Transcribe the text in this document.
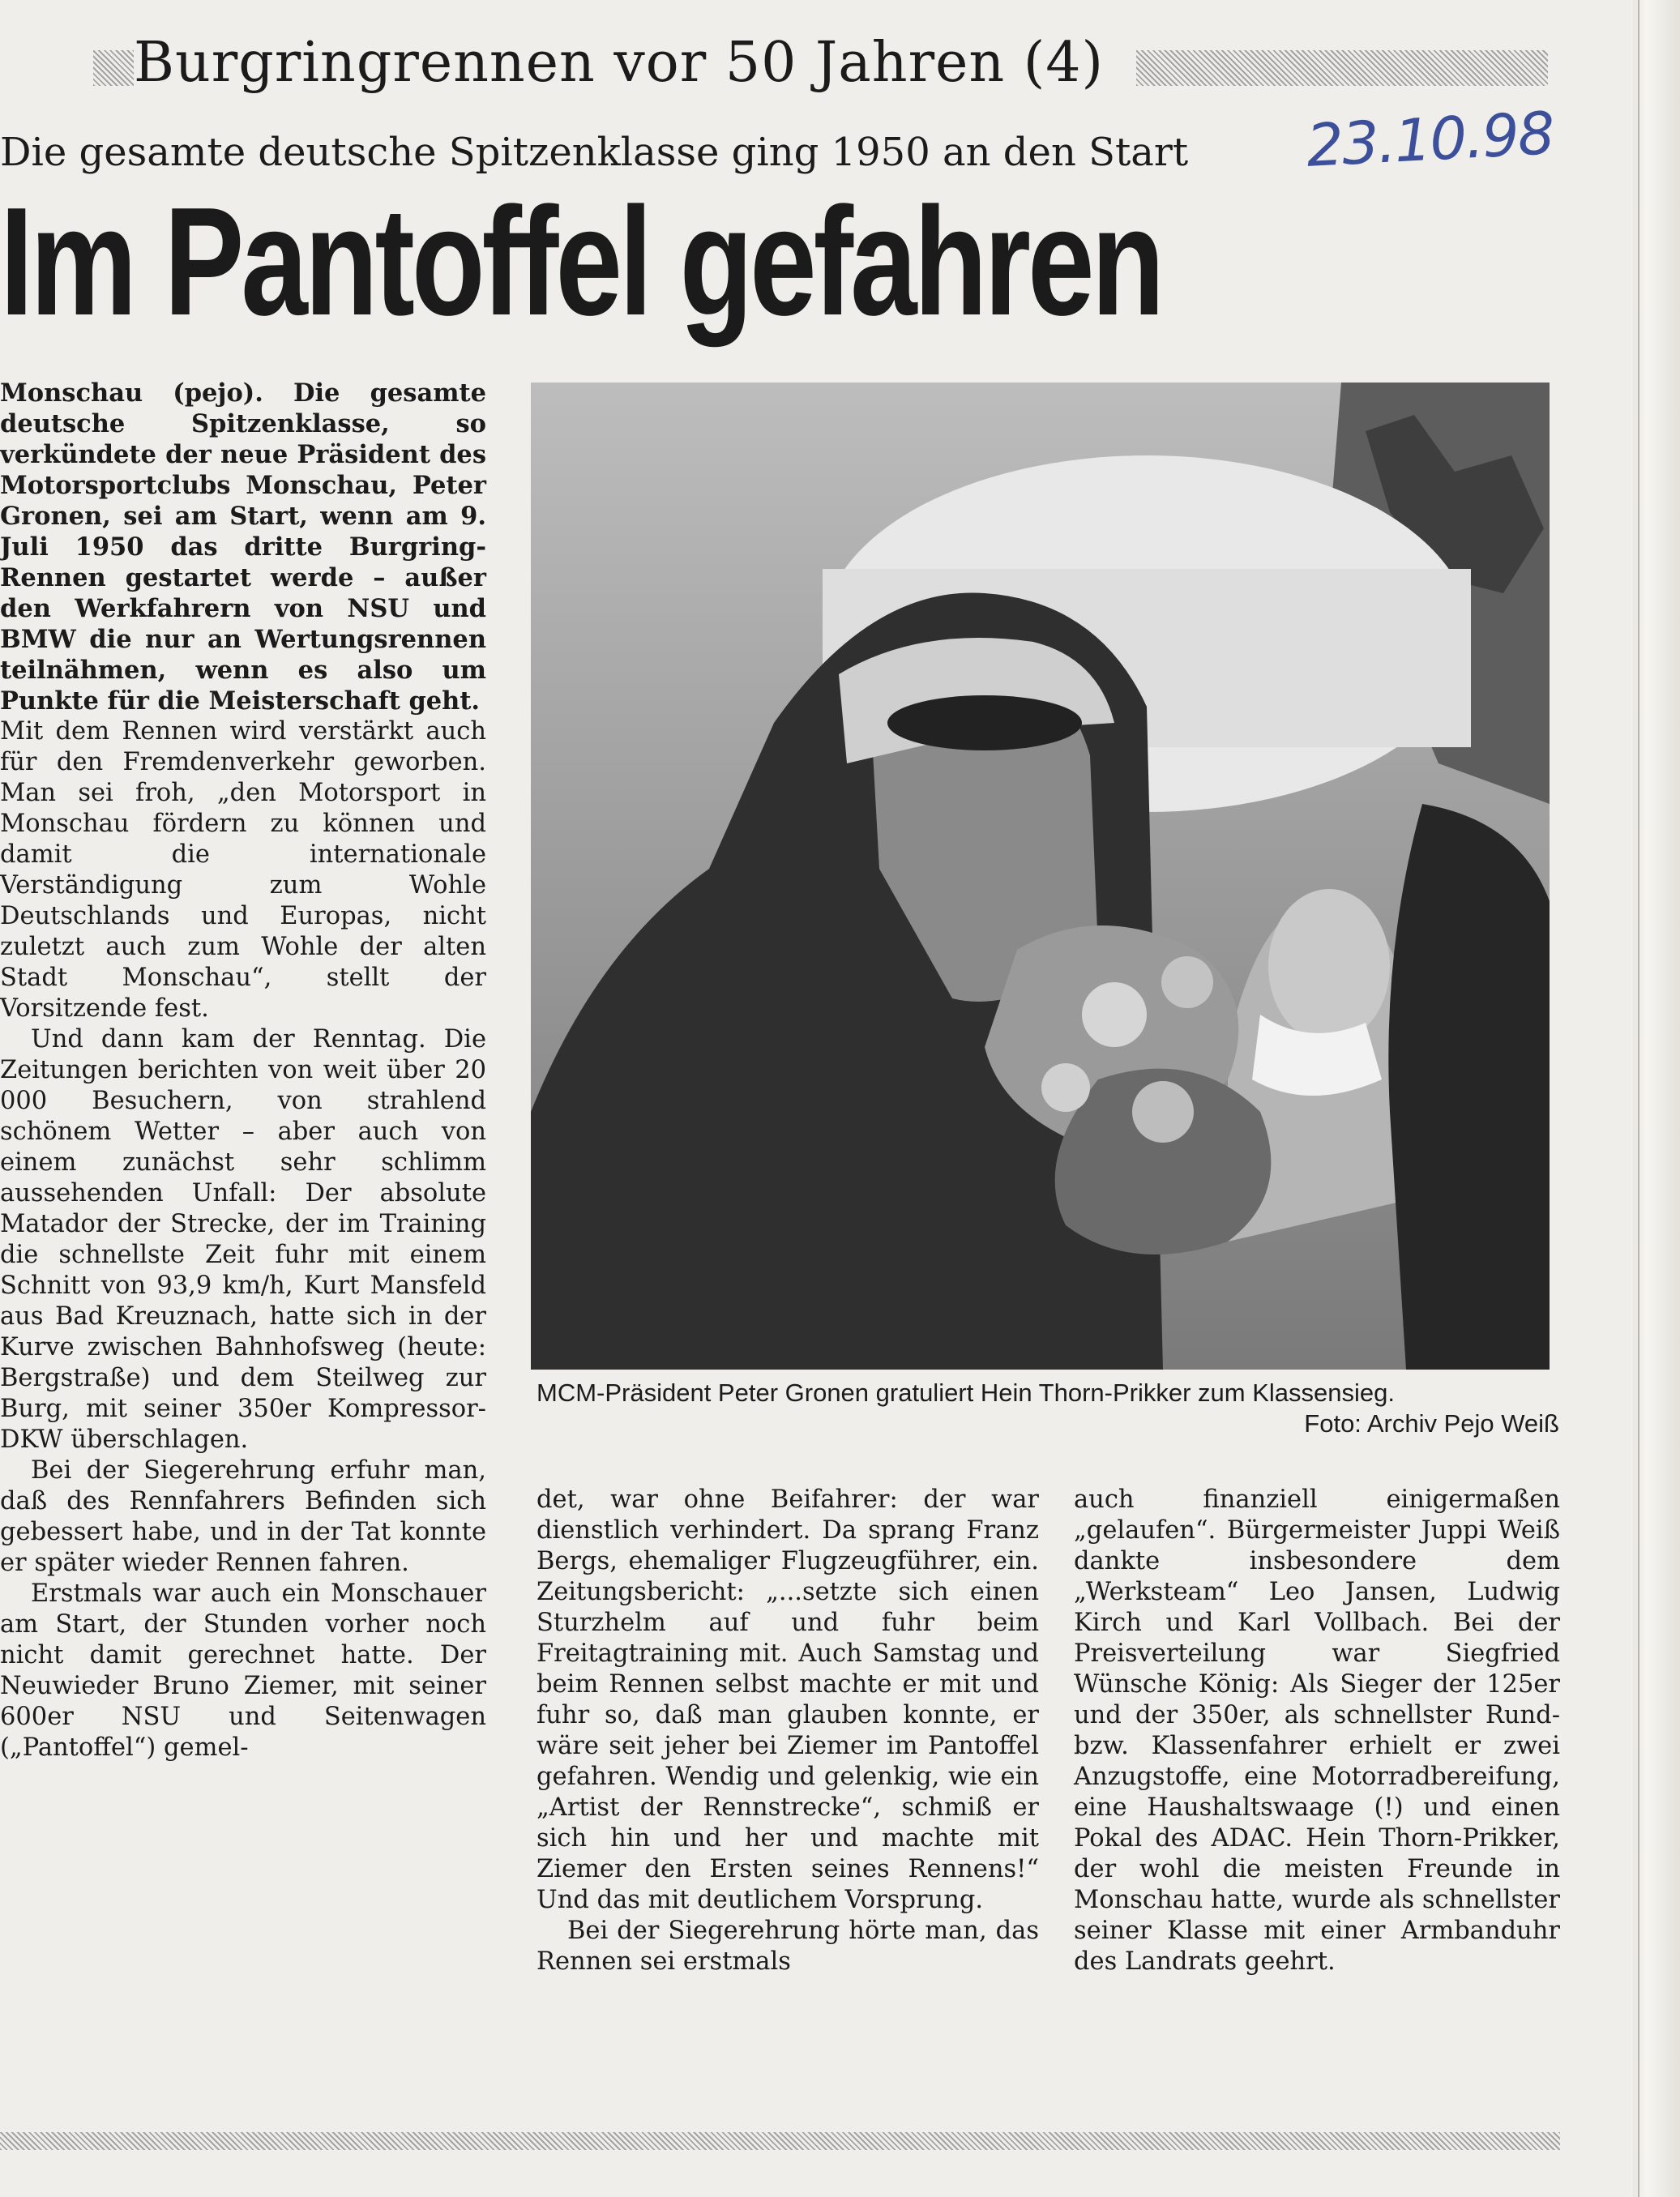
Burgringrennen vor 50 Jahren (4)
23.10.98
Die gesamte deutsche Spitzenklasse ging 1950 an den Start
Im Pantoffel gefahren

Monschau (pejo). Die gesamte deutsche Spitzenklasse, so verkündete der neue Präsident des Motorsportclubs Monschau, Peter Gronen, sei am Start, wenn am 9. Juli 1950 das dritte Burgring-Rennen gestartet werde – außer den Werkfahrern von NSU und BMW die nur an Wertungsrennen teilnähmen, wenn es also um Punkte für die Meisterschaft geht.

Mit dem Rennen wird verstärkt auch für den Fremdenverkehr geworben. Man sei froh, „den Motorsport in Monschau fördern zu können und damit die internationale Verständigung zum Wohle Deutschlands und Europas, nicht zuletzt auch zum Wohle der alten Stadt Monschau“, stellt der Vorsitzende fest.

Und dann kam der Renntag. Die Zeitungen berichten von weit über 20 000 Besuchern, von strahlend schönem Wetter – aber auch von einem zunächst sehr schlimm aussehenden Unfall: Der absolute Matador der Strecke, der im Training die schnellste Zeit fuhr mit einem Schnitt von 93,9 km/h, Kurt Mansfeld aus Bad Kreuznach, hatte sich in der Kurve zwischen Bahnhofsweg (heute: Bergstraße) und dem Steilweg zur Burg, mit seiner 350er Kompressor-DKW überschlagen.

Bei der Siegerehrung erfuhr man, daß des Rennfahrers Befinden sich gebessert habe, und in der Tat konnte er später wieder Rennen fahren.

Erstmals war auch ein Monschauer am Start, der Stunden vorher noch nicht damit gerechnet hatte. Der Neuwieder Bruno Ziemer, mit seiner 600er NSU und Seitenwagen („Pantoffel“) gemel-

MCM-Präsident Peter Gronen gratuliert Hein Thorn-Prikker zum Klassensieg.
Foto: Archiv Pejo Weiß

det, war ohne Beifahrer: der war dienstlich verhindert. Da sprang Franz Bergs, ehemaliger Flugzeugführer, ein. Zeitungsbericht: „...setzte sich einen Sturzhelm auf und fuhr beim Freitagtraining mit. Auch Samstag und beim Rennen selbst machte er mit und fuhr so, daß man glauben konnte, er wäre seit jeher bei Ziemer im Pantoffel gefahren. Wendig und gelenkig, wie ein „Artist der Rennstrecke“, schmiß er sich hin und her und machte mit Ziemer den Ersten seines Rennens!“ Und das mit deutlichem Vorsprung.

Bei der Siegerehrung hörte man, das Rennen sei erstmals

auch finanziell einigermaßen „gelaufen“. Bürgermeister Juppi Weiß dankte insbesondere dem „Werksteam“ Leo Jansen, Ludwig Kirch und Karl Vollbach. Bei der Preisverteilung war Siegfried Wünsche König: Als Sieger der 125er und der 350er, als schnellster Rund- bzw. Klassenfahrer erhielt er zwei Anzugstoffe, eine Motorradbereifung, eine Haushaltswaage (!) und einen Pokal des ADAC. Hein Thorn-Prikker, der wohl die meisten Freunde in Monschau hatte, wurde als schnellster seiner Klasse mit einer Armbanduhr des Landrats geehrt.
